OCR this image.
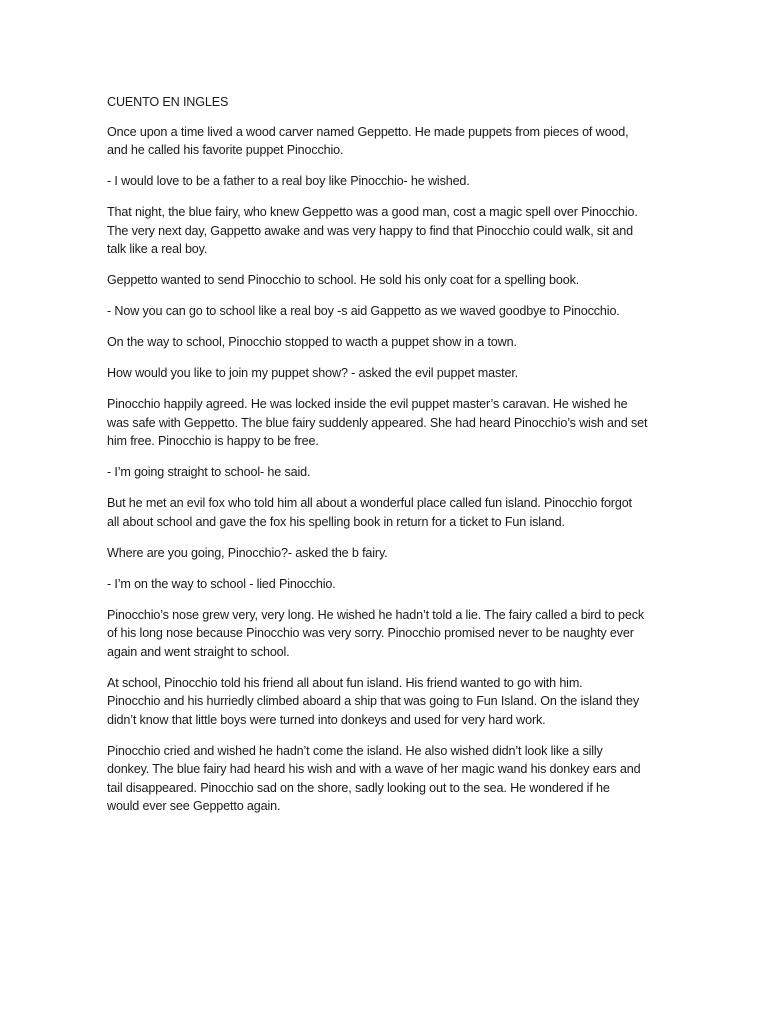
CUENTO EN INGLES

Once upon a time lived a wood carver named Geppetto. He made puppets from pieces of wood,
and he called his favorite puppet Pinocchio.

- I would love to be a father to a real boy like Pinocchio- he wished.

That night, the blue fairy, who knew Geppetto was a good man, cost a magic spell over Pinocchio.
The very next day, Gappetto awake and was very happy to find that Pinocchio could walk, sit and
talk like a real boy.

Geppetto wanted to send Pinocchio to school. He sold his only coat for a spelling book.

- Now you can go to school like a real boy -s aid Gappetto as we waved goodbye to Pinocchio.

On the way to school, Pinocchio stopped to wacth a puppet show in a town.

How would you like to join my puppet show? - asked the evil puppet master.

Pinocchio happily agreed. He was locked inside the evil puppet master’s caravan. He wished he
was safe with Geppetto. The blue fairy suddenly appeared. She had heard Pinocchio’s wish and set
him free. Pinocchio is happy to be free.

- I’m going straight to school- he said.

But he met an evil fox who told him all about a wonderful place called fun island. Pinocchio forgot
all about school and gave the fox his spelling book in return for a ticket to Fun island.

Where are you going, Pinocchio?- asked the b fairy.

- I’m on the way to school - lied Pinocchio.

Pinocchio’s nose grew very, very long. He wished he hadn’t told a lie. The fairy called a bird to peck
of his long nose because Pinocchio was very sorry. Pinocchio promised never to be naughty ever
again and went straight to school.

At school, Pinocchio told his friend all about fun island. His friend wanted to go with him.
Pinocchio and his hurriedly climbed aboard a ship that was going to Fun Island. On the island they
didn’t know that little boys were turned into donkeys and used for very hard work.

Pinocchio cried and wished he hadn’t come the island. He also wished didn’t look like a silly
donkey. The blue fairy had heard his wish and with a wave of her magic wand his donkey ears and
tail disappeared. Pinocchio sad on the shore, sadly looking out to the sea. He wondered if he
would ever see Geppetto again.
